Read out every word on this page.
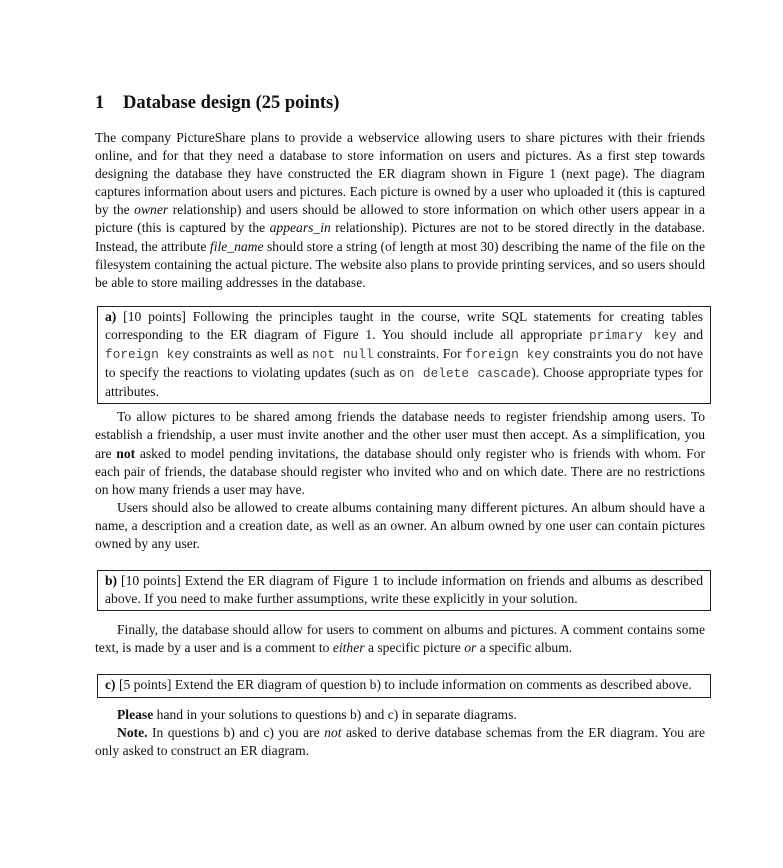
1 Database design (25 points)

The company PictureShare plans to provide a webservice allowing users to share pictures with their friends online, and for that they need a database to store information on users and pictures. As a first step towards designing the database they have constructed the ER diagram shown in Figure 1 (next page). The diagram captures information about users and pictures. Each picture is owned by a user who uploaded it (this is captured by the owner relationship) and users should be allowed to store information on which other users appear in a picture (this is captured by the appears_in relationship). Pictures are not to be stored directly in the database. Instead, the attribute file_name should store a string (of length at most 30) describing the name of the file on the filesystem containing the actual picture. The website also plans to provide printing services, and so users should be able to store mailing addresses in the database.

a) [10 points] Following the principles taught in the course, write SQL statements for creating tables corresponding to the ER diagram of Figure 1. You should include all appropriate primary key and foreign key constraints as well as not null constraints. For foreign key constraints you do not have to specify the reactions to violating updates (such as on delete cascade). Choose appropriate types for attributes.

To allow pictures to be shared among friends the database needs to register friendship among users. To establish a friendship, a user must invite another and the other user must then accept. As a simplification, you are not asked to model pending invitations, the database should only register who is friends with whom. For each pair of friends, the database should register who invited who and on which date. There are no restrictions on how many friends a user may have.

Users should also be allowed to create albums containing many different pictures. An album should have a name, a description and a creation date, as well as an owner. An album owned by one user can contain pictures owned by any user.

b) [10 points] Extend the ER diagram of Figure 1 to include information on friends and albums as described above. If you need to make further assumptions, write these explicitly in your solution.

Finally, the database should allow for users to comment on albums and pictures. A comment contains some text, is made by a user and is a comment to either a specific picture or a specific album.

c) [5 points] Extend the ER diagram of question b) to include information on comments as described above.

Please hand in your solutions to questions b) and c) in separate diagrams.

Note. In questions b) and c) you are not asked to derive database schemas from the ER diagram. You are only asked to construct an ER diagram.
